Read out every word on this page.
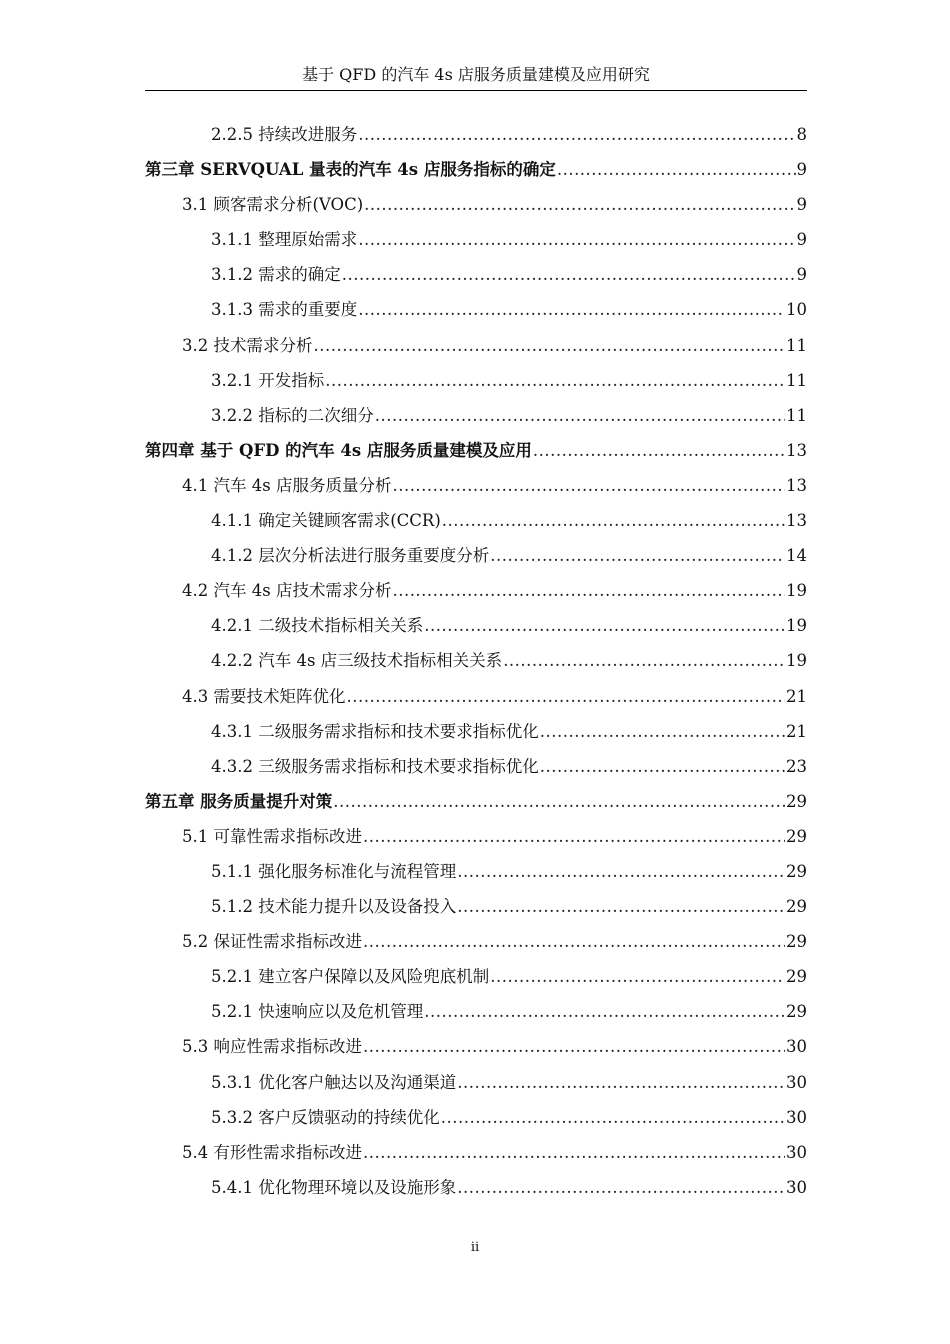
基于 QFD 的汽车 4s 店服务质量建模及应用研究
2.2.5 持续改进服务 .....	8
第三章 SERVQUAL 量表的汽车 4s 店服务指标的确定 .....	9
3.1 顾客需求分析(VOC) .....	9
3.1.1 整理原始需求 .....	9
3.1.2 需求的确定 .....	9
3.1.3 需求的重要度 .....	10
3.2 技术需求分析 .....	11
3.2.1 开发指标 .....	11
3.2.2 指标的二次细分 .....	11
第四章 基于 QFD 的汽车 4s 店服务质量建模及应用 .....	13
4.1 汽车 4s 店服务质量分析 .....	13
4.1.1 确定关键顾客需求(CCR) .....	13
4.1.2 层次分析法进行服务重要度分析 .....	14
4.2 汽车 4s 店技术需求分析 .....	19
4.2.1 二级技术指标相关关系 .....	19
4.2.2 汽车 4s 店三级技术指标相关关系 .....	19
4.3 需要技术矩阵优化 .....	21
4.3.1 二级服务需求指标和技术要求指标优化 .....	21
4.3.2 三级服务需求指标和技术要求指标优化 .....	23
第五章 服务质量提升对策 .....	29
5.1 可靠性需求指标改进 .....	29
5.1.1 强化服务标准化与流程管理 .....	29
5.1.2 技术能力提升以及设备投入 .....	29
5.2 保证性需求指标改进 .....	29
5.2.1 建立客户保障以及风险兜底机制 .....	29
5.2.1 快速响应以及危机管理 .....	29
5.3 响应性需求指标改进 .....	30
5.3.1 优化客户触达以及沟通渠道 .....	30
5.3.2 客户反馈驱动的持续优化 .....	30
5.4 有形性需求指标改进 .....	30
5.4.1 优化物理环境以及设施形象 .....	30
ii
